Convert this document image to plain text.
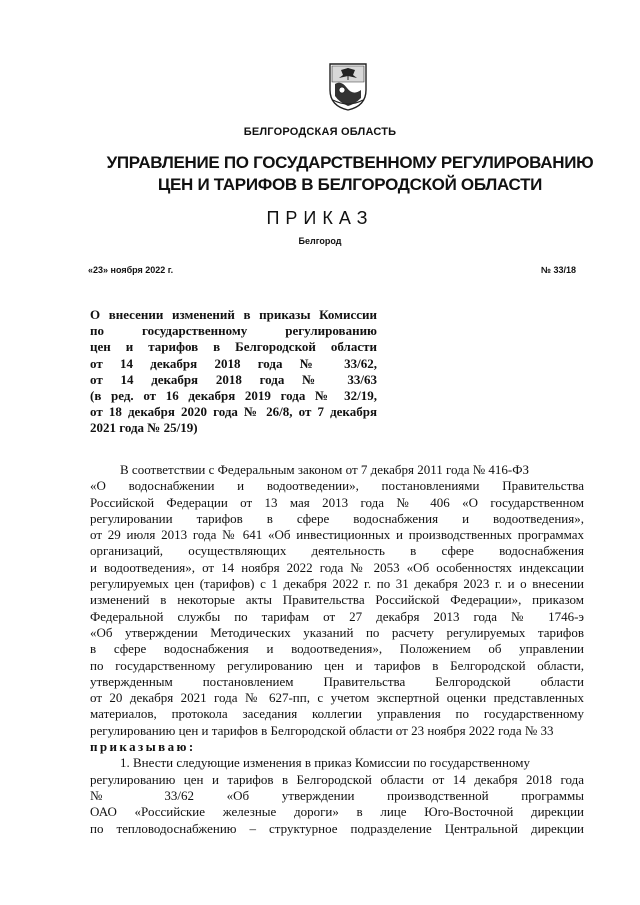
БЕЛГОРОДСКАЯ ОБЛАСТЬ
УПРАВЛЕНИЕ ПО ГОСУДАРСТВЕННОМУ РЕГУЛИРОВАНИЮ
ЦЕН И ТАРИФОВ В БЕЛГОРОДСКОЙ ОБЛАСТИ
ПРИКАЗ
Белгород
«23» ноября 2022 г.	№ 33/18
О внесении изменений в приказы Комиссии
по государственному регулированию
цен и тарифов в Белгородской области
от 14 декабря 2018 года № 33/62,
от 14 декабря 2018 года № 33/63
(в ред. от 16 декабря 2019 года № 32/19,
от 18 декабря 2020 года № 26/8, от 7 декабря
2021 года № 25/19)
В соответствии с Федеральным законом от 7 декабря 2011 года № 416-ФЗ
«О водоснабжении и водоотведении», постановлениями Правительства
Российской Федерации от 13 мая 2013 года № 406 «О государственном
регулировании тарифов в сфере водоснабжения и водоотведения»,
от 29 июля 2013 года № 641 «Об инвестиционных и производственных программах
организаций, осуществляющих деятельность в сфере водоснабжения
и водоотведения», от 14 ноября 2022 года № 2053 «Об особенностях индексации
регулируемых цен (тарифов) с 1 декабря 2022 г. по 31 декабря 2023 г. и о внесении
изменений в некоторые акты Правительства Российской Федерации», приказом
Федеральной службы по тарифам от 27 декабря 2013 года № 1746-э
«Об утверждении Методических указаний по расчету регулируемых тарифов
в сфере водоснабжения и водоотведения», Положением об управлении
по государственному регулированию цен и тарифов в Белгородской области,
утвержденным постановлением Правительства Белгородской области
от 20 декабря 2021 года № 627-пп, с учетом экспертной оценки представленных
материалов, протокола заседания коллегии управления по государственному
регулированию цен и тарифов в Белгородской области от 23 ноября 2022 года № 33
приказываю:
1. Внести следующие изменения в приказ Комиссии по государственному
регулированию цен и тарифов в Белгородской области от 14 декабря 2018 года
№ 33/62 «Об утверждении производственной программы
ОАО «Российские железные дороги» в лице Юго-Восточной дирекции
по тепловодоснабжению – структурное подразделение Центральной дирекции
